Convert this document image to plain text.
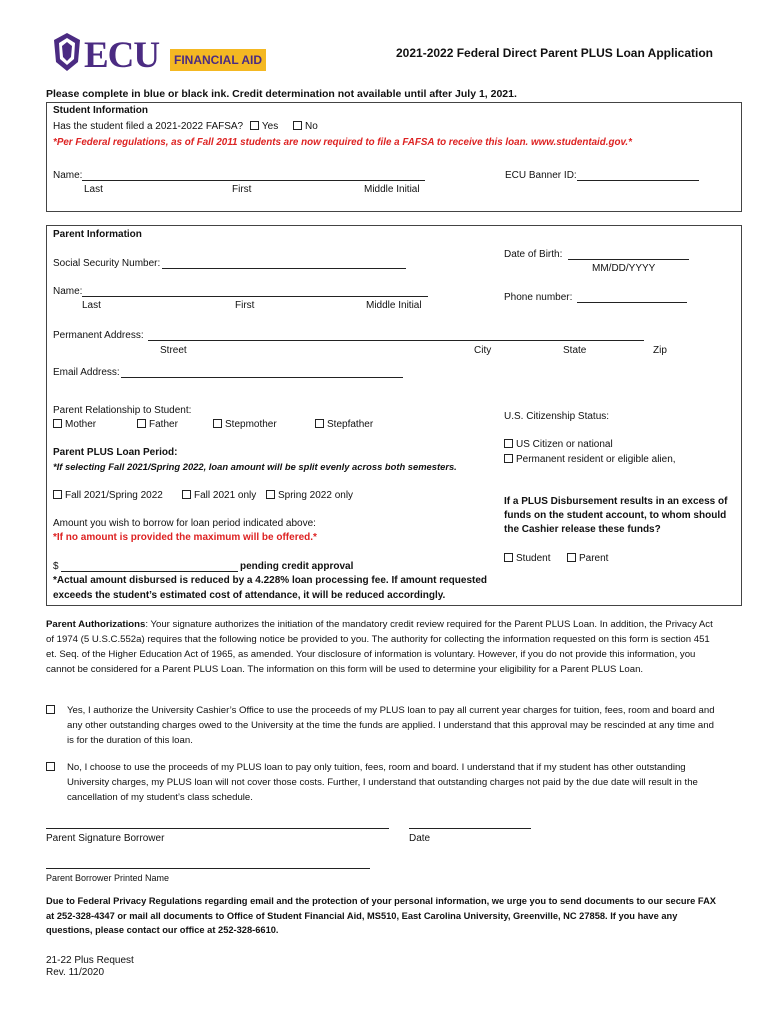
ECU	FINANCIAL AID	2021-2022 Federal Direct Parent PLUS Loan Application
Please complete in blue or black ink. Credit determination not available until after July 1, 2021.
Student Information
Has the student filed a 2021-2022 FAFSA? Yes	No
*Per Federal regulations, as of Fall 2011 students are now required to file a FAFSA to receive this loan. www.studentaid.gov.*
Name:
Last	First	Middle Initial
ECU Banner ID:
Parent Information
Social Security Number:
Date of Birth:
MM/DD/YYYY
Name:
Last	First	Middle Initial
Phone number:
Permanent Address:
Street	City	State	Zip
Email Address:
Parent Relationship to Student:
Mother	Father	Stepmother	Stepfather
U.S. Citizenship Status:
US Citizen or national
Permanent resident or eligible alien,
Parent PLUS Loan Period:
*If selecting Fall 2021/Spring 2022, loan amount will be split evenly across both semesters.
Fall 2021/Spring 2022	Fall 2021 only	Spring 2022 only
If a PLUS Disbursement results in an excess of
funds on the student account, to whom should
the Cashier release these funds?
Amount you wish to borrow for loan period indicated above:
*If no amount is provided the maximum will be offered.*
Student	Parent
$	pending credit approval
*Actual amount disbursed is reduced by a 4.228% loan processing fee. If amount requested
exceeds the student’s estimated cost of attendance, it will be reduced accordingly.
Parent Authorizations: Your signature authorizes the initiation of the mandatory credit review required for the Parent PLUS Loan. In addition, the Privacy Act of 1974 (5 U.S.C.552a) requires that the following notice be provided to you. The authority for collecting the information requested on this form is section 451 et. Seq. of the Higher Education Act of 1965, as amended. Your disclosure of information is voluntary. However, if you do not provide this information, you cannot be considered for a Parent PLUS Loan. The information on this form will be used to determine your eligibility for a Parent PLUS Loan.
Yes, I authorize the University Cashier’s Office to use the proceeds of my PLUS loan to pay all current year charges for tuition, fees, room and board and any other outstanding charges owed to the University at the time the funds are applied. I understand that this approval may be rescinded at any time and is for the duration of this loan.
No, I choose to use the proceeds of my PLUS loan to pay only tuition, fees, room and board. I understand that if my student has other outstanding University charges, my PLUS loan will not cover those costs. Further, I understand that outstanding charges not paid by the due date will result in the cancellation of my student’s class schedule.
Parent Signature Borrower	Date
Parent Borrower Printed Name
Due to Federal Privacy Regulations regarding email and the protection of your personal information, we urge you to send documents to our secure FAX at 252-328-4347 or mail all documents to Office of Student Financial Aid, MS510, East Carolina University, Greenville, NC 27858. If you have any questions, please contact our office at 252-328-6610.
21-22 Plus Request
Rev. 11/2020
